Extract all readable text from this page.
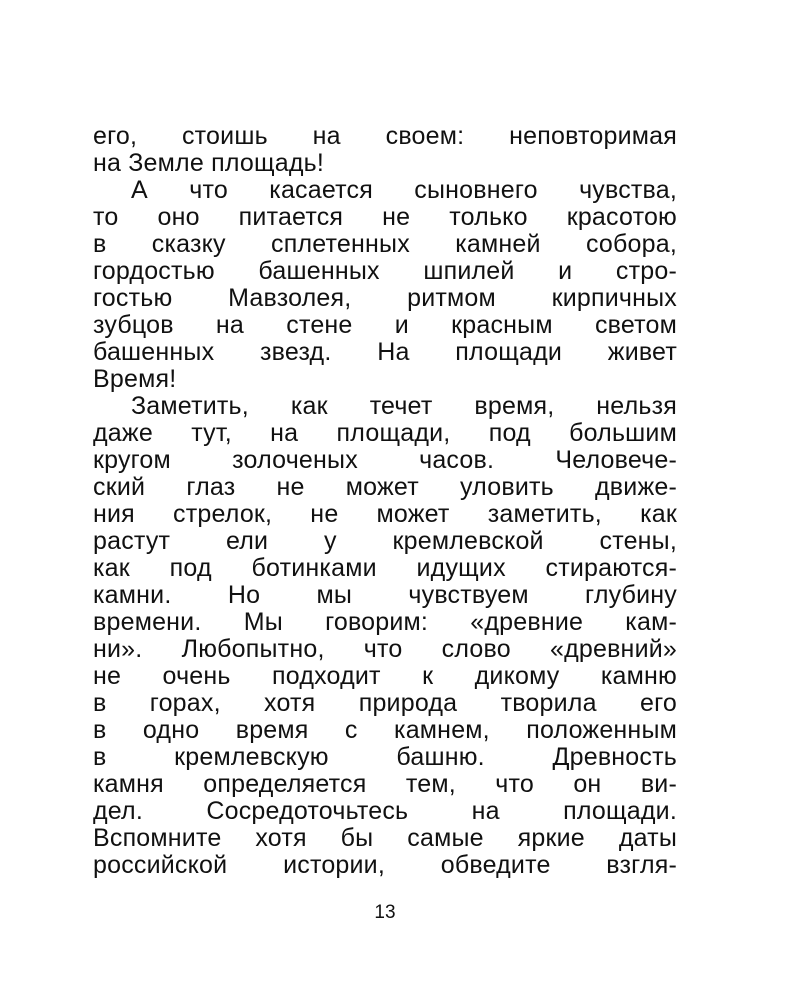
его, стоишь на своем: неповторимая
на Земле площадь!
А что касается сыновнего чувства,
то оно питается не только красотою
в сказку сплетенных камней собора,
гордостью башенных шпилей и стро-
гостью Мавзолея, ритмом кирпичных
зубцов на стене и красным светом
башенных звезд. На площади живет
Время!
Заметить, как течет время, нельзя
даже тут, на площади, под большим
кругом золоченых часов. Человече-
ский глаз не может уловить движе-
ния стрелок, не может заметить, как
растут ели у кремлевской стены,
как под ботинками идущих стираются-
камни. Но мы чувствуем глубину
времени. Мы говорим: «древние кам-
ни». Любопытно, что слово «древний»
не очень подходит к дикому камню
в горах, хотя природа творила его
в одно время с камнем, положенным
в кремлевскую башню. Древность
камня определяется тем, что он ви-
дел. Сосредоточьтесь на площади.
Вспомните хотя бы самые яркие даты
российской истории, обведите взгля-
13
